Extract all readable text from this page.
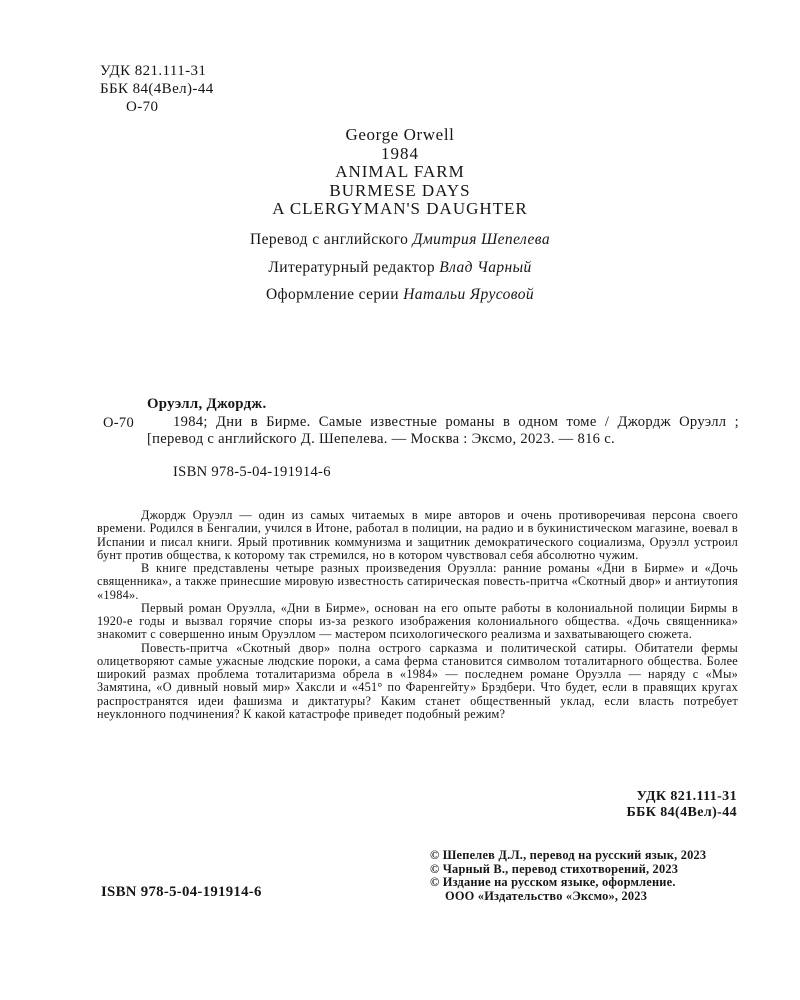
УДК 821.111-31
ББК 84(4Вел)-44
О-70
George Orwell
1984
ANIMAL FARM
BURMESE DAYS
A CLERGYMAN'S DAUGHTER
Перевод с английского Дмитрия Шепелева
Литературный редактор Влад Чарный
Оформление серии Натальи Ярусовой
О-70

Оруэлл, Джордж.

1984; Дни в Бирме. Самые известные романы в одном томе / Джордж Оруэлл ; [перевод с английского Д. Шепелева. — Москва : Эксмо, 2023. — 816 с.

ISBN 978-5-04-191914-6

Джордж Оруэлл — один из самых читаемых в мире авторов и очень противоречивая персона своего времени. Родился в Бенгалии, учился в Итоне, работал в полиции, на радио и в букинистическом магазине, воевал в Испании и писал книги. Ярый противник коммунизма и защитник демократического социализма, Оруэлл устроил бунт против общества, к которому так стремился, но в котором чувствовал себя абсолютно чужим.

В книге представлены четыре разных произведения Оруэлла: ранние романы «Дни в Бирме» и «Дочь священника», а также принесшие мировую известность сатирическая повесть-притча «Скотный двор» и антиутопия «1984».

Первый роман Оруэлла, «Дни в Бирме», основан на его опыте работы в колониальной полиции Бирмы в 1920-е годы и вызвал горячие споры из-за резкого изображения колониального общества. «Дочь священника» знакомит с совершенно иным Оруэллом — мастером психологического реализма и захватывающего сюжета.

Повесть-притча «Скотный двор» полна острого сарказма и политической сатиры. Обитатели фермы олицетворяют самые ужасные людские пороки, а сама ферма становится символом тоталитарного общества. Более широкий размах проблема тоталитаризма обрела в «1984» — последнем романе Оруэлла — наряду с «Мы» Замятина, «О дивный новый мир» Хаксли и «451° по Фаренгейту» Брэдбери. Что будет, если в правящих кругах распространятся идеи фашизма и диктатуры? Каким станет общественный уклад, если власть потребует неуклонного подчинения? К какой катастрофе приведет подобный режим?

УДК 821.111-31
ББК 84(4Вел)-44
© Шепелев Д.Л., перевод на русский язык, 2023
© Чарный В., перевод стихотворений, 2023
© Издание на русском языке, оформление.
ООО «Издательство «Эксмо», 2023
ISBN 978-5-04-191914-6
